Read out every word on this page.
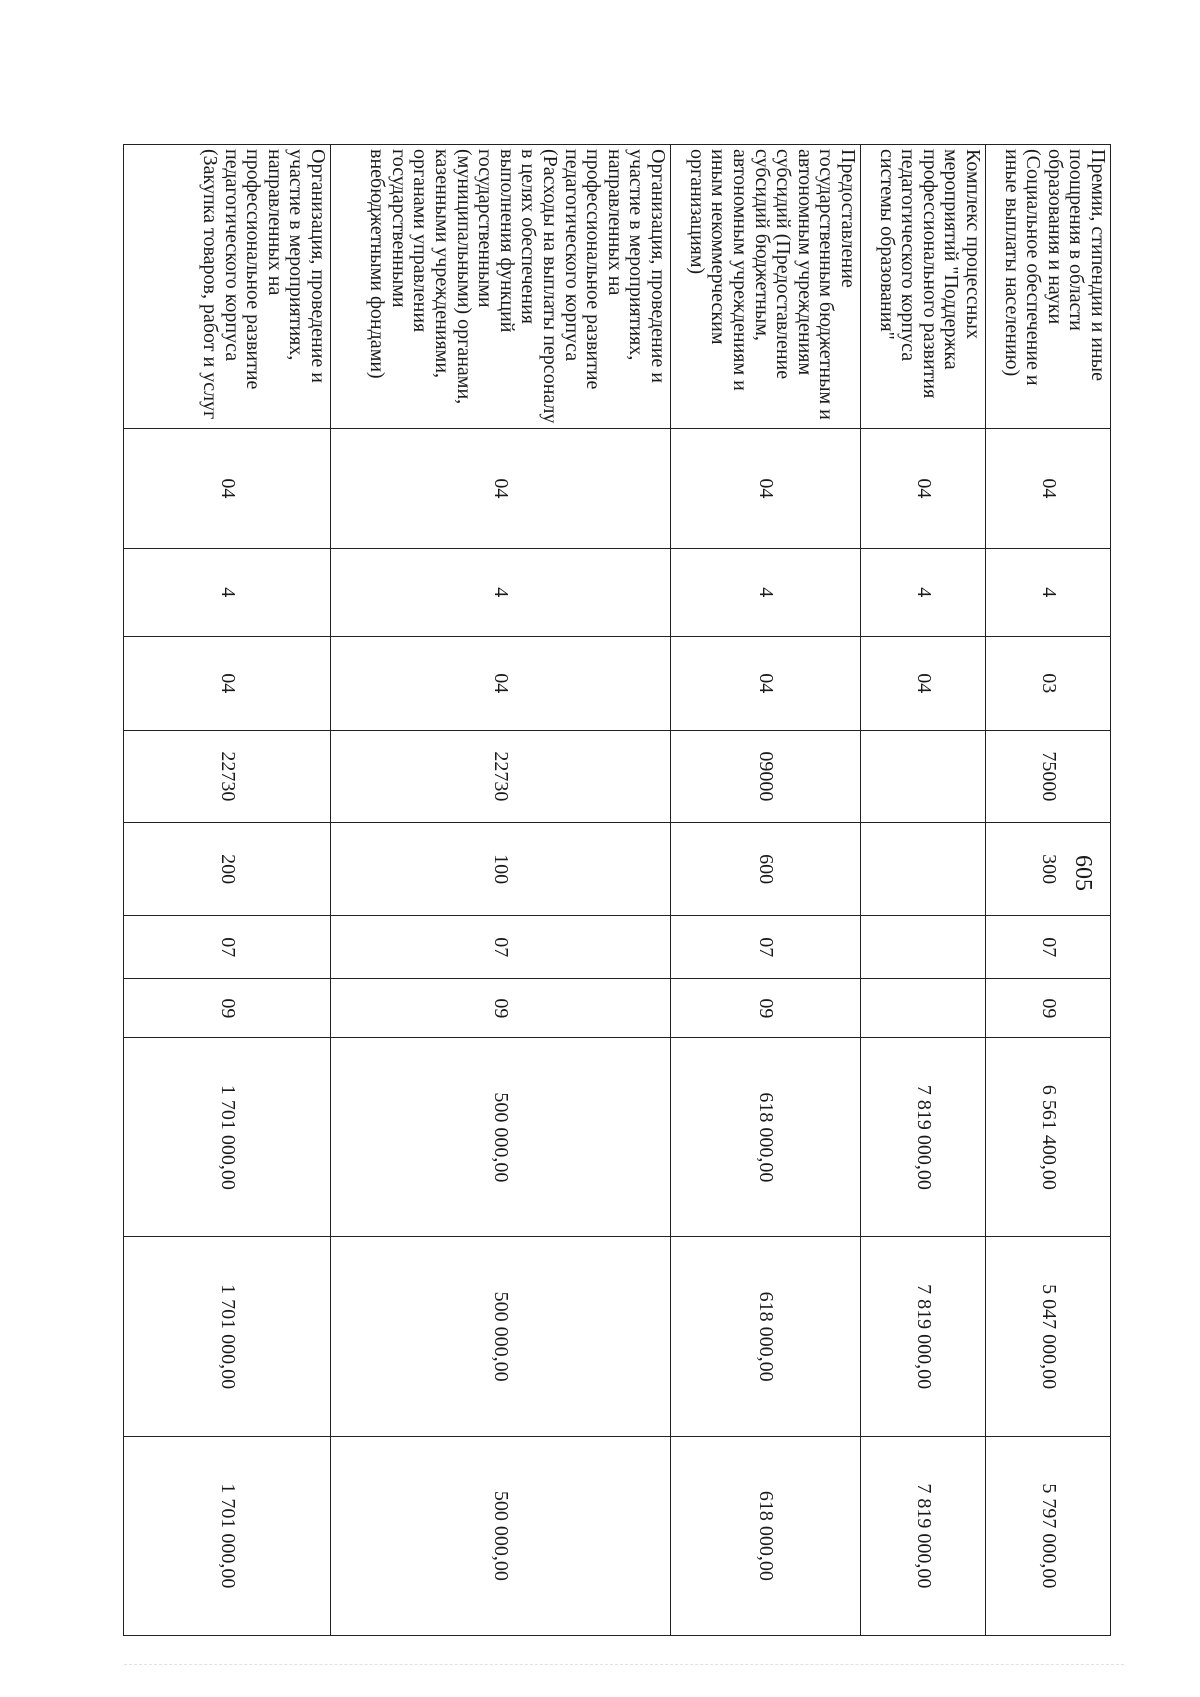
605
Премии, стипендии и иные поощрения в области образования и науки (Социальное обеспечение и иные выплаты населению)	04	4	03	75000	300	07	09	6 561 400,00	5 047 000,00	5 797 000,00
Комплекс процессных мероприятий "Поддержка профессионального развития педагогического корпуса системы образования"	04	4	04					7 819 000,00	7 819 000,00	7 819 000,00
Предоставление государственным бюджетным и автономным учреждениям субсидий (Предоставление субсидий бюджетным, автономным учреждениям и иным некоммерческим организациям)	04	4	04	09000	600	07	09	618 000,00	618 000,00	618 000,00
Организация, проведение и участие в мероприятиях, направленных на профессиональное развитие педагогического корпуса (Расходы на выплаты персоналу в целях обеспечения выполнения функций государственными (муниципальными) органами, казенными учреждениями, органами управления государственными внебюджетными фондами)	04	4	04	22730	100	07	09	500 000,00	500 000,00	500 000,00
Организация, проведение и участие в мероприятиях, направленных на профессиональное развитие педагогического корпуса (Закупка товаров, работ и услуг	04	4	04	22730	200	07	09	1 701 000,00	1 701 000,00	1 701 000,00
